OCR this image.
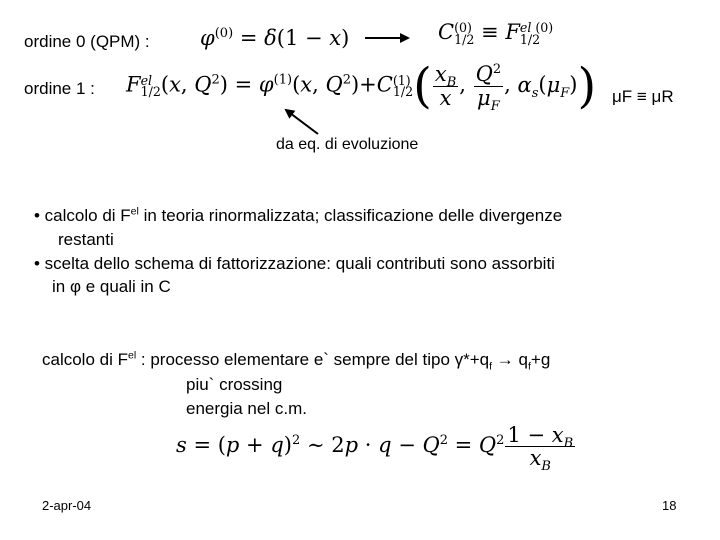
ordine 0 (QPM) : $\varphi^{(0)} = \delta(1 - x)$	C (0)
1/2 ≡ F el (0)
1/2
ordine 1 : F el
1/2 (x, $Q^2) = \varphi^{(1)}(x$, $Q^2)+C$ (1)
1/2 ( $\frac{x_B}{x}$ , $\frac{Q^2}{\mu_F}$ , $\alpha_s(\mu_F)$) μF ≡ μR
da eq. di evoluzione
• calcolo di $F^{el}$ in teoria rinormalizzata; classificazione delle divergenze
restanti
• scelta dello schema di fattorizzazione: quali contributi sono assorbiti
in φ e quali in C
calcolo di $F^{el}$ : processo elementare e` sempre del tipo $\gamma*+q_f \to q_f+g$
piu` crossing
energia nel c.m.
$s = (p + q)^2$ ∼ $2p \cdot q - Q^2 = Q^2 \frac{1 - x_B}{x_B}$
2-apr-04	18
